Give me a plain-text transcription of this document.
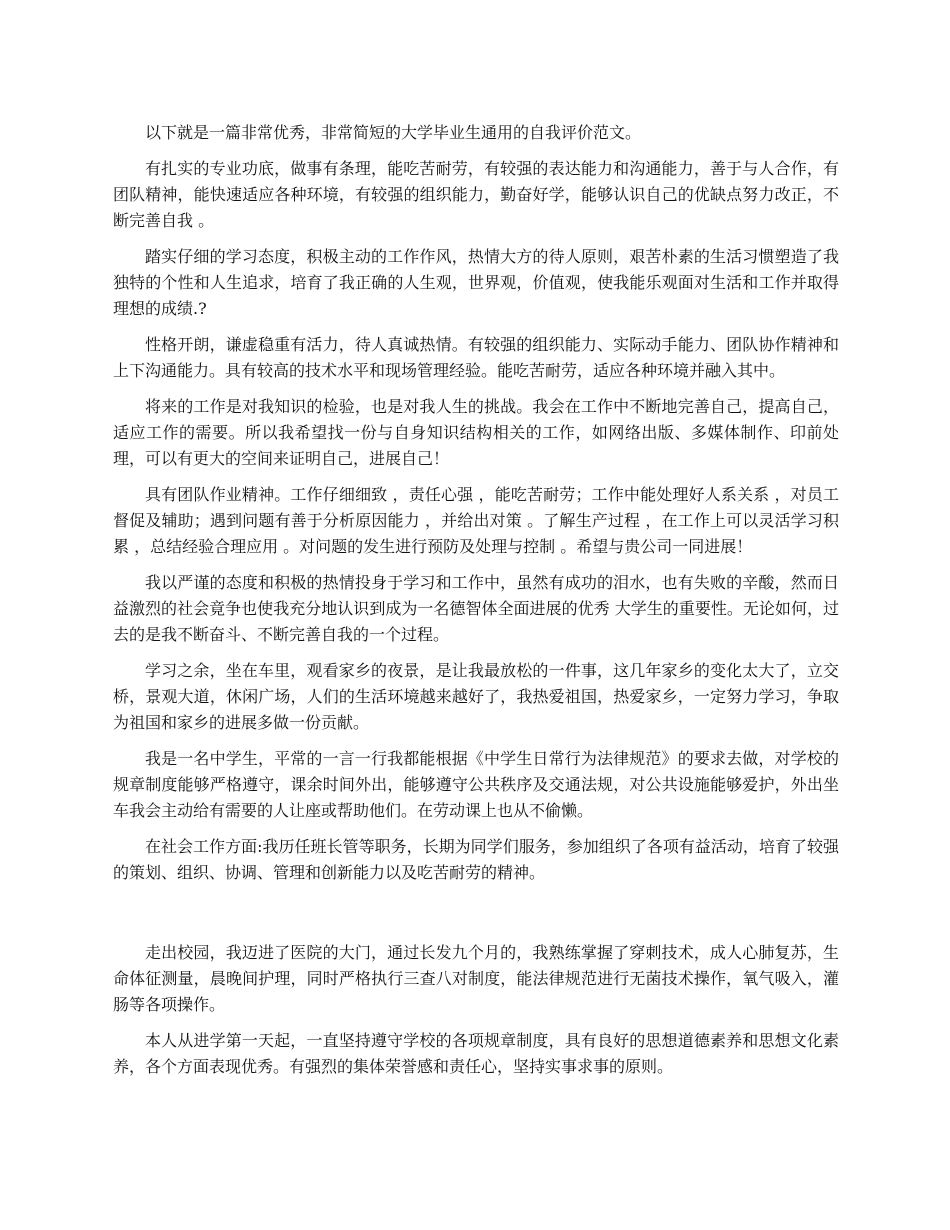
以下就是一篇非常优秀，非常简短的大学毕业生通用的自我评价范文。

有扎实的专业功底，做事有条理，能吃苦耐劳，有较强的表达能力和沟通能力，善于与人合作，有团队精神，能快速适应各种环境，有较强的组织能力，勤奋好学，能够认识自己的优缺点努力改正，不断完善自我 。

踏实仔细的学习态度，积极主动的工作作风，热情大方的待人原则，艰苦朴素的生活习惯塑造了我独特的个性和人生追求，培育了我正确的人生观，世界观，价值观，使我能乐观面对生活和工作并取得理想的成绩.?

性格开朗，谦虚稳重有活力，待人真诚热情。有较强的组织能力、实际动手能力、团队协作精神和上下沟通能力。具有较高的技术水平和现场管理经验。能吃苦耐劳，适应各种环境并融入其中。

将来的工作是对我知识的检验，也是对我人生的挑战。我会在工作中不断地完善自己，提高自己，适应工作的需要。所以我希望找一份与自身知识结构相关的工作，如网络出版、多媒体制作、印前处理，可以有更大的空间来证明自己，进展自己！

具有团队作业精神。工作仔细细致 ，责任心强 ，能吃苦耐劳；工作中能处理好人系关系 ，对员工督促及辅助；遇到问题有善于分析原因能力 ，并给出对策 。了解生产过程 ，在工作上可以灵活学习积累 ，总结经验合理应用 。对问题的发生进行预防及处理与控制 。希望与贵公司一同进展！

我以严谨的态度和积极的热情投身于学习和工作中，虽然有成功的泪水，也有失败的辛酸，然而日益激烈的社会竟争也使我充分地认识到成为一名德智体全面进展的优秀 大学生的重要性。无论如何，过去的是我不断奋斗、不断完善自我的一个过程。

学习之余，坐在车里，观看家乡的夜景，是让我最放松的一件事，这几年家乡的变化太大了，立交桥，景观大道，休闲广场，人们的生活环境越来越好了，我热爱祖国，热爱家乡，一定努力学习，争取为祖国和家乡的进展多做一份贡献。

我是一名中学生，平常的一言一行我都能根据《中学生日常行为法律规范》的要求去做，对学校的规章制度能够严格遵守，课余时间外出，能够遵守公共秩序及交通法规，对公共设施能够爱护，外出坐车我会主动给有需要的人让座或帮助他们。在劳动课上也从不偷懒。

在社会工作方面:我历任班长管等职务，长期为同学们服务，参加组织了各项有益活动，培育了较强的策划、组织、协调、管理和创新能力以及吃苦耐劳的精神。

走出校园，我迈进了医院的大门，通过长发九个月的，我熟练掌握了穿刺技术，成人心肺复苏，生命体征测量，晨晚间护理，同时严格执行三查八对制度，能法律规范进行无菌技术操作，氧气吸入，灌肠等各项操作。

本人从进学第一天起，一直坚持遵守学校的各项规章制度，具有良好的思想道德素养和思想文化素养，各个方面表现优秀。有强烈的集体荣誉感和责任心，坚持实事求事的原则。
